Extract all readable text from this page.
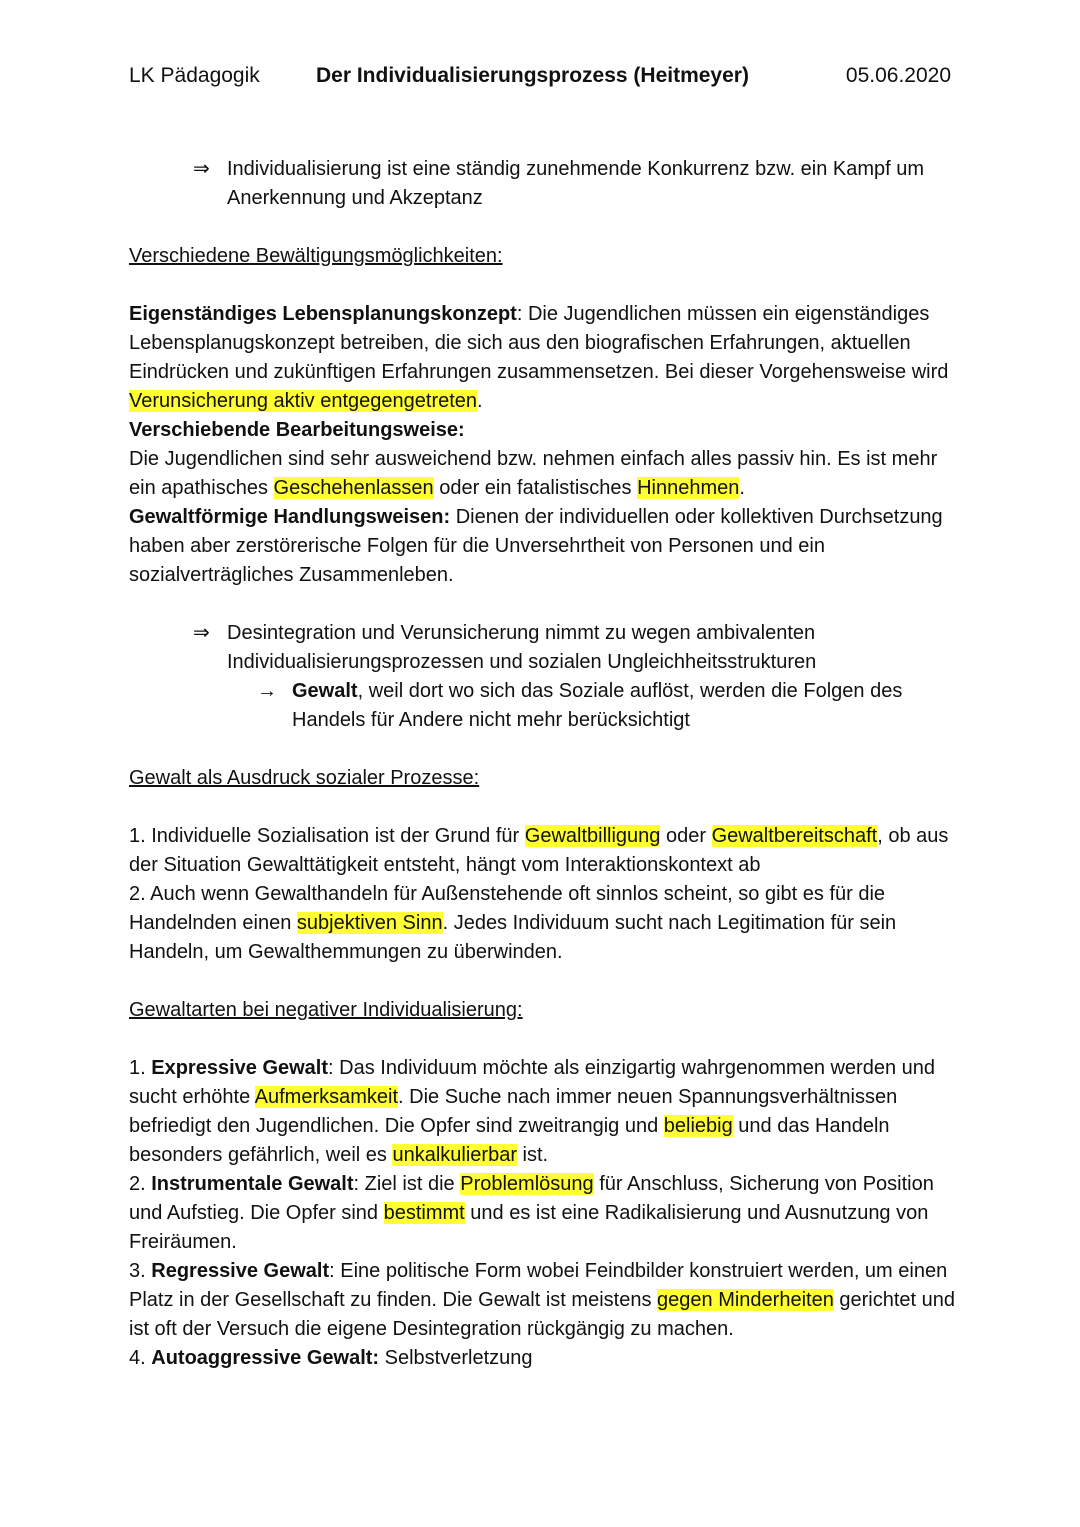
LK Pädagogik	Der Individualisierungsprozess (Heitmeyer)	05.06.2020
⇒ Individualisierung ist eine ständig zunehmende Konkurrenz bzw. ein Kampf um Anerkennung und Akzeptanz

Verschiedene Bewältigungsmöglichkeiten:

Eigenständiges Lebensplanungskonzept: Die Jugendlichen müssen ein eigenständiges Lebensplanugskonzept betreiben, die sich aus den biografischen Erfahrungen, aktuellen Eindrücken und zukünftigen Erfahrungen zusammensetzen. Bei dieser Vorgehensweise wird Verunsicherung aktiv entgegengetreten.

Verschiebende Bearbeitungsweise:

Die Jugendlichen sind sehr ausweichend bzw. nehmen einfach alles passiv hin. Es ist mehr ein apathisches Geschehenlassen oder ein fatalistisches Hinnehmen.

Gewaltförmige Handlungsweisen: Dienen der individuellen oder kollektiven Durchsetzung haben aber zerstörerische Folgen für die Unversehrtheit von Personen und ein sozialverträgliches Zusammenleben.

⇒ Desintegration und Verunsicherung nimmt zu wegen ambivalenten Individualisierungsprozessen und sozialen Ungleichheitsstrukturen
→ Gewalt, weil dort wo sich das Soziale auflöst, werden die Folgen des Handels für Andere nicht mehr berücksichtigt

Gewalt als Ausdruck sozialer Prozesse:

1. Individuelle Sozialisation ist der Grund für Gewaltbilligung oder Gewaltbereitschaft, ob aus der Situation Gewalttätigkeit entsteht, hängt vom Interaktionskontext ab

2. Auch wenn Gewalthandeln für Außenstehende oft sinnlos scheint, so gibt es für die Handelnden einen subjektiven Sinn. Jedes Individuum sucht nach Legitimation für sein Handeln, um Gewalthemmungen zu überwinden.

Gewaltarten bei negativer Individualisierung:

1. Expressive Gewalt: Das Individuum möchte als einzigartig wahrgenommen werden und sucht erhöhte Aufmerksamkeit. Die Suche nach immer neuen Spannungsverhältnissen befriedigt den Jugendlichen. Die Opfer sind zweitrangig und beliebig und das Handeln besonders gefährlich, weil es unkalkulierbar ist.

2. Instrumentale Gewalt: Ziel ist die Problemlösung für Anschluss, Sicherung von Position und Aufstieg. Die Opfer sind bestimmt und es ist eine Radikalisierung und Ausnutzung von Freiräumen.

3. Regressive Gewalt: Eine politische Form wobei Feindbilder konstruiert werden, um einen Platz in der Gesellschaft zu finden. Die Gewalt ist meistens gegen Minderheiten gerichtet und ist oft der Versuch die eigene Desintegration rückgängig zu machen.

4. Autoaggressive Gewalt: Selbstverletzung
